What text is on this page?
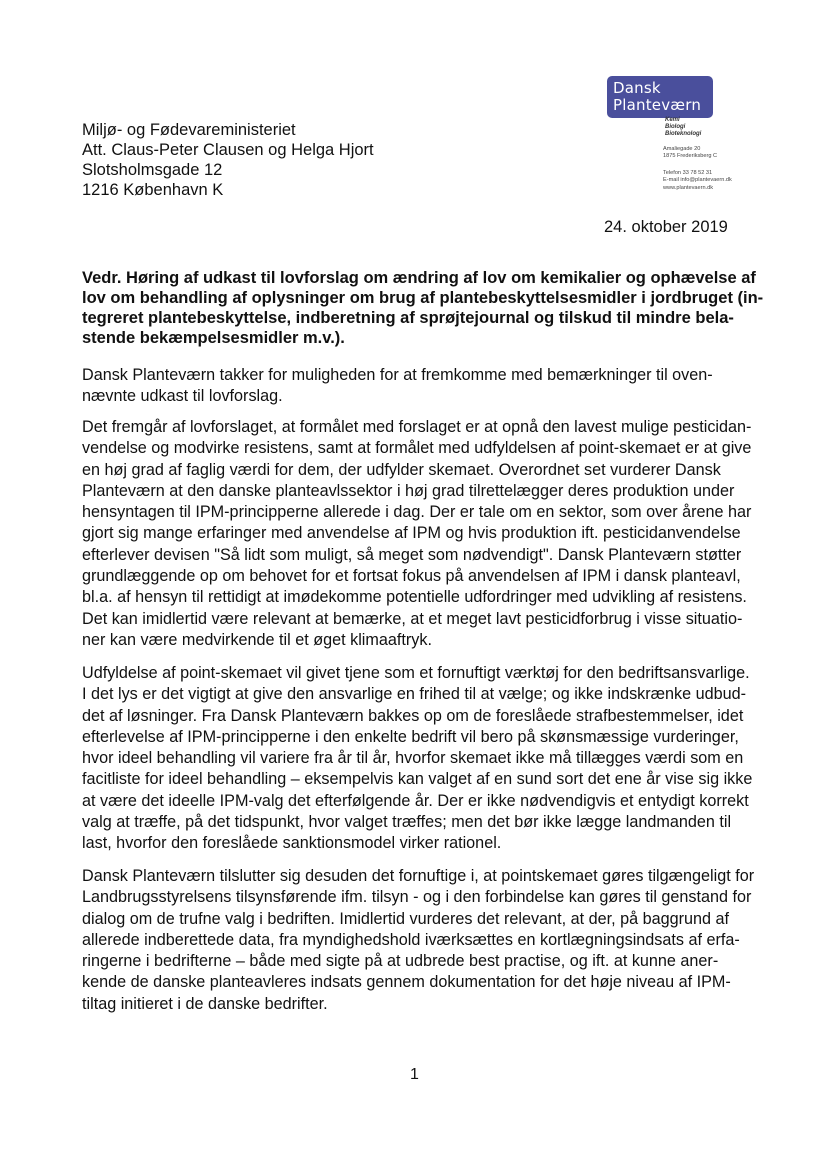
Dansk
Planteværn
Kemi
Biologi
Bioteknologi
Amaliegade 20
1875 Frederiksberg C
Telefon 33 78 52 31
E-mail info@plantevaern.dk
www.plantevaern.dk
Miljø- og Fødevareministeriet
Att. Claus-Peter Clausen og Helga Hjort
Slotsholmsgade 12
1216 København K
24. oktober 2019
Vedr. Høring af udkast til lovforslag om ændring af lov om kemikalier og ophævelse af
lov om behandling af oplysninger om brug af plantebeskyttelsesmidler i jordbruget (in-
tegreret plantebeskyttelse, indberetning af sprøjtejournal og tilskud til mindre bela-
stende bekæmpelsesmidler m.v.).
Dansk Planteværn takker for muligheden for at fremkomme med bemærkninger til oven-
nævnte udkast til lovforslag.
Det fremgår af lovforslaget, at formålet med forslaget er at opnå den lavest mulige pesticidan-
vendelse og modvirke resistens, samt at formålet med udfyldelsen af point-skemaet er at give
en høj grad af faglig værdi for dem, der udfylder skemaet. Overordnet set vurderer Dansk
Planteværn at den danske planteavlssektor i høj grad tilrettelægger deres produktion under
hensyntagen til IPM-principperne allerede i dag. Der er tale om en sektor, som over årene har
gjort sig mange erfaringer med anvendelse af IPM og hvis produktion ift. pesticidanvendelse
efterlever devisen "Så lidt som muligt, så meget som nødvendigt". Dansk Planteværn støtter
grundlæggende op om behovet for et fortsat fokus på anvendelsen af IPM i dansk planteavl,
bl.a. af hensyn til rettidigt at imødekomme potentielle udfordringer med udvikling af resistens.
Det kan imidlertid være relevant at bemærke, at et meget lavt pesticidforbrug i visse situatio-
ner kan være medvirkende til et øget klimaaftryk.
Udfyldelse af point-skemaet vil givet tjene som et fornuftigt værktøj for den bedriftsansvarlige.
I det lys er det vigtigt at give den ansvarlige en frihed til at vælge; og ikke indskrænke udbud-
det af løsninger. Fra Dansk Planteværn bakkes op om de foreslåede strafbestemmelser, idet
efterlevelse af IPM-principperne i den enkelte bedrift vil bero på skønsmæssige vurderinger,
hvor ideel behandling vil variere fra år til år, hvorfor skemaet ikke må tillægges værdi som en
facitliste for ideel behandling – eksempelvis kan valget af en sund sort det ene år vise sig ikke
at være det ideelle IPM-valg det efterfølgende år. Der er ikke nødvendigvis et entydigt korrekt
valg at træffe, på det tidspunkt, hvor valget træffes; men det bør ikke lægge landmanden til
last, hvorfor den foreslåede sanktionsmodel virker rationel.
Dansk Planteværn tilslutter sig desuden det fornuftige i, at pointskemaet gøres tilgængeligt for
Landbrugsstyrelsens tilsynsførende ifm. tilsyn - og i den forbindelse kan gøres til genstand for
dialog om de trufne valg i bedriften. Imidlertid vurderes det relevant, at der, på baggrund af
allerede indberettede data, fra myndighedshold iværksættes en kortlægningsindsats af erfa-
ringerne i bedrifterne – både med sigte på at udbrede best practise, og ift. at kunne aner-
kende de danske planteavleres indsats gennem dokumentation for det høje niveau af IPM-
tiltag initieret i de danske bedrifter.
1
